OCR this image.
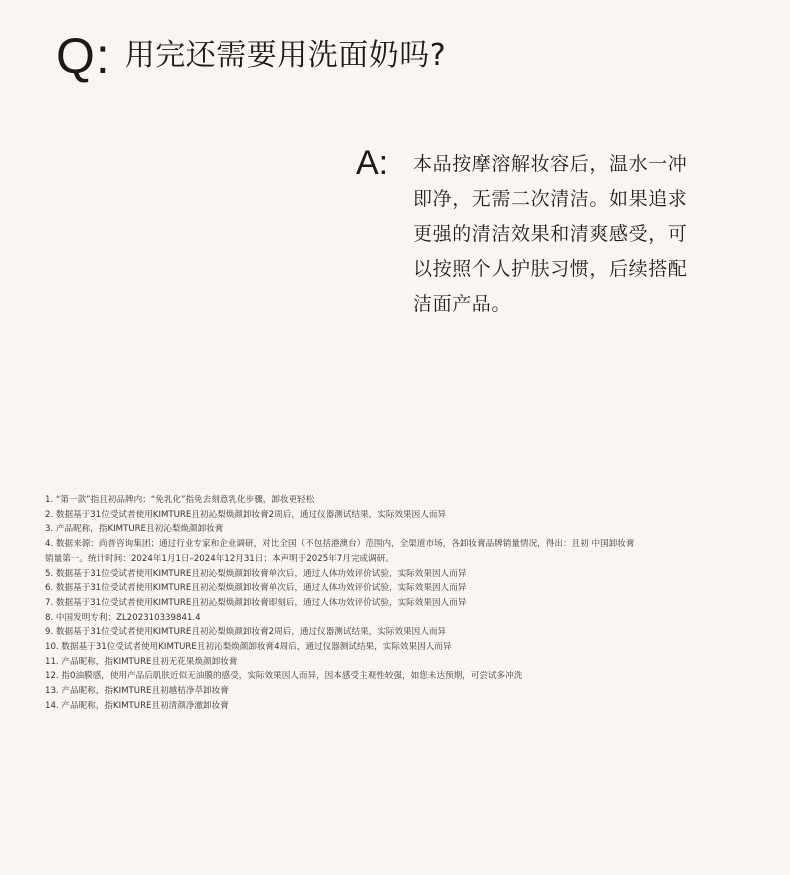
Q: 用完还需要用洗面奶吗?
A: 本品按摩溶解妆容后，温水一冲
即净，无需二次清洁。如果追求
更强的清洁效果和清爽感受，可
以按照个人护肤习惯，后续搭配
洁面产品。
1. “第一款”指且初品牌内；“免乳化”指免去刻意乳化步骤，卸妆更轻松
2. 数据基于31位受试者使用KIMTURE且初沁梨焕颜卸妆膏2周后，通过仪器测试结果，实际效果因人而异
3. 产品昵称，指KIMTURE且初沁梨焕颜卸妆膏
4. 数据来源：尚普咨询集团；通过行业专家和企业调研，对比全国（不包括港澳台）范围内，全渠道市场，各卸妆膏品牌销量情况，得出：且初 中国卸妆膏
销量第一。统计时间：2024年1月1日–2024年12月31日；本声明于2025年7月完成调研。
5. 数据基于31位受试者使用KIMTURE且初沁梨焕颜卸妆膏单次后，通过人体功效评价试验，实际效果因人而异
6. 数据基于31位受试者使用KIMTURE且初沁梨焕颜卸妆膏单次后，通过人体功效评价试验，实际效果因人而异
7. 数据基于31位受试者使用KIMTURE且初沁梨焕颜卸妆膏即刻后，通过人体功效评价试验，实际效果因人而异
8. 中国发明专利：ZL202310339841.4
9. 数据基于31位受试者使用KIMTURE且初沁梨焕颜卸妆膏2周后，通过仪器测试结果，实际效果因人而异
10. 数据基于31位受试者使用KIMTURE且初沁梨焕颜卸妆膏4周后，通过仪器测试结果，实际效果因人而异
11. 产品昵称，指KIMTURE且初无花果焕颜卸妆膏
12. 指0油膜感，使用产品后肌肤近似无油膜的感受，实际效果因人而异，因本感受主观性较强，如您未达预期，可尝试多冲洗
13. 产品昵称，指KIMTURE且初越桔净萃卸妆膏
14. 产品昵称，指KIMTURE且初清颜净澈卸妆膏
